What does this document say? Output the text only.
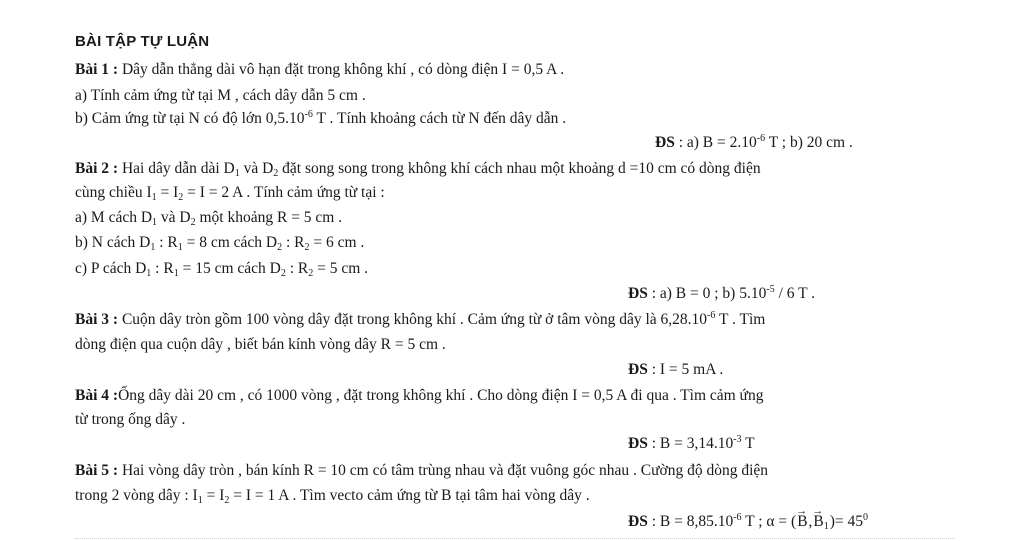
BÀI TẬP TỰ LUẬN
Bài 1 : Dây dẫn thẳng dài vô hạn đặt trong không khí , có dòng điện I = 0,5 A .
a) Tính cảm ứng từ tại M , cách dây dẫn 5 cm .
b) Cảm ứng từ tại N có độ lớn $0,5.10^{-6}$ T . Tính khoảng cách từ N đến dây dẫn .
ĐS : a) $B = 2.10^{-6}$ T ; b) 20 cm .
Bài 2 : Hai dây dẫn dài $D_1$ và $D_2$ đặt song song trong không khí cách nhau một khoảng d =10 cm có dòng điện
cùng chiều $I_1 = I_2 = I = 2$ A . Tính cảm ứng từ tại :
a) M cách $D_1$ và $D_2$ một khoảng R = 5 cm .
b) N cách $D_1$ : $R_1 = 8$ cm cách $D_2$ : $R_2 = 6$ cm .
c) P cách $D_1$ : $R_1 = 15$ cm cách $D_2$ : $R_2 = 5$ cm .
ĐS : a) B = 0 ; b) $5.10^{-5} / 6$ T .
Bài 3 : Cuộn dây tròn gồm 100 vòng dây đặt trong không khí . Cảm ứng từ ở tâm vòng dây là $6,28.10^{-6}$ T . Tìm
dòng điện qua cuộn dây , biết bán kính vòng dây R = 5 cm .
ĐS : I = 5 mA .
Bài 4 :Ống dây dài 20 cm , có 1000 vòng , đặt trong không khí . Cho dòng điện I = 0,5 A đi qua . Tìm cảm ứng
từ trong ống dây .
ĐS : $B = 3,14.10^{-3}$ T
Bài 5 : Hai vòng dây tròn , bán kính R = 10 cm có tâm trùng nhau và đặt vuông góc nhau . Cường độ dòng điện
trong 2 vòng dây : $I_1 = I_2 = I = 1$ A . Tìm vecto cảm ứng từ B tại tâm hai vòng dây .
ĐS : $B = 8,85.10^{-6}$ T ; α = (→ $B,\to B_1)= 45^0$
